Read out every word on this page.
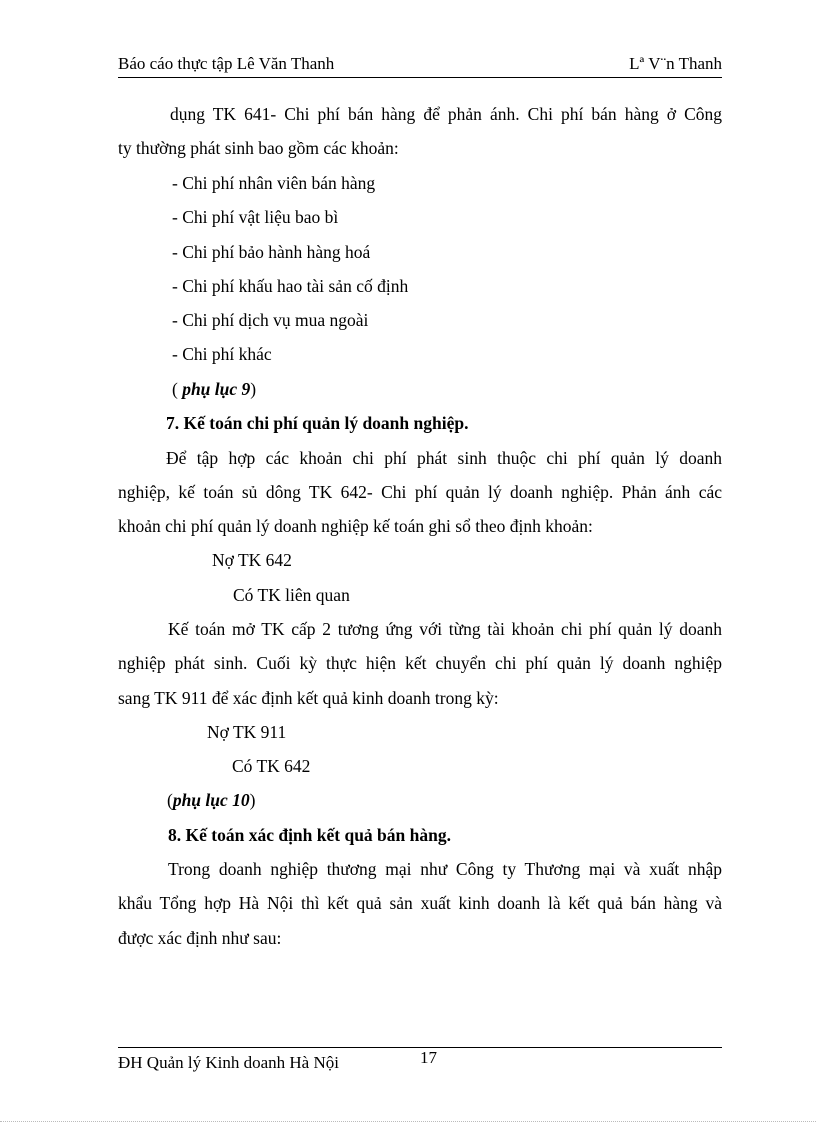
Báo cáo thực tập Lê Văn Thanh	Lª V¨n Thanh
dụng TK 641- Chi phí bán hàng để phản ánh. Chi phí bán hàng ở Công
ty thường phát sinh bao gồm các khoản:
- Chi phí nhân viên bán hàng
- Chi phí vật liệu bao bì
- Chi phí bảo hành hàng hoá
- Chi phí khấu hao tài sản cố định
- Chi phí dịch vụ mua ngoài
- Chi phí khác
( phụ lục 9)
7. Kế toán chi phí quản lý doanh nghiệp.
Để tập hợp các khoản chi phí phát sinh thuộc chi phí quản lý doanh
nghiệp, kế toán sủ dông TK 642- Chi phí quản lý doanh nghiệp. Phản ánh các
khoản chi phí quản lý doanh nghiệp kế toán ghi sổ theo định khoản:
Nợ TK 642
Có TK liên quan
Kế toán mở TK cấp 2 tương ứng với từng tài khoản chi phí quản lý doanh
nghiệp phát sinh. Cuối kỳ thực hiện kết chuyển chi phí quản lý doanh nghiệp
sang TK 911 để xác định kết quả kinh doanh trong kỳ:
Nợ TK 911
Có TK 642
(phụ lục 10)
8. Kế toán xác định kết quả bán hàng.
Trong doanh nghiệp thương mại như Công ty Thương mại và xuất nhập
khẩu Tổng hợp Hà Nội thì kết quả sản xuất kinh doanh là kết quả bán hàng và
được xác định như sau:
ĐH Quản lý Kinh doanh Hà Nội	17
